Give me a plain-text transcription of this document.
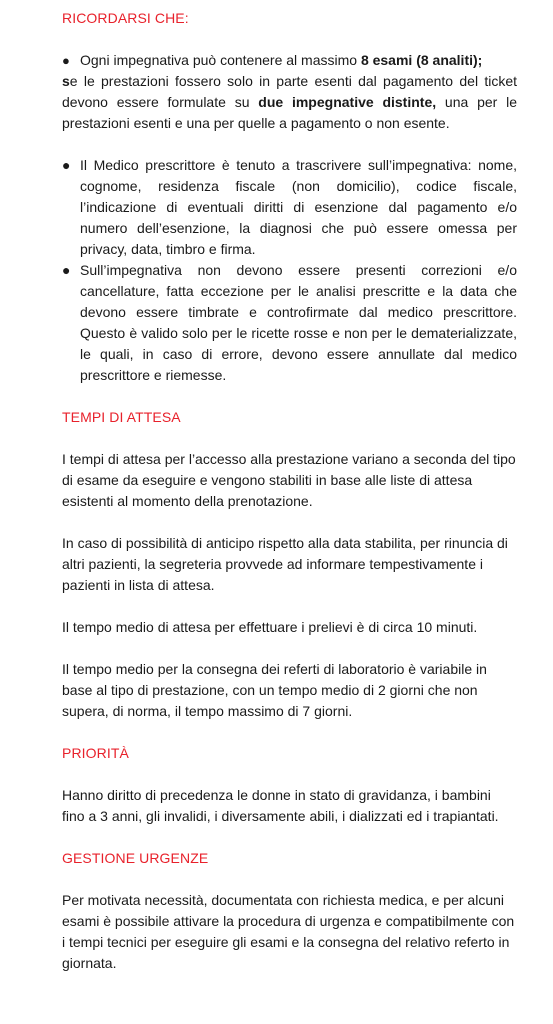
RICORDARSI CHE:
● Ogni impegnativa può contenere al massimo 8 esami (8 analiti);

se le prestazioni fossero solo in parte esenti dal pagamento del ticket devono essere formulate su due impegnative distinte, una per le prestazioni esenti e una per quelle a pagamento o non esente.

● Il Medico prescrittore è tenuto a trascrivere sull’impegnativa: nome, cognome, residenza fiscale (non domicilio), codice fiscale, l’indicazione di eventuali diritti di esenzione dal pagamento e/o numero dell’esenzione, la diagnosi che può essere omessa per privacy, data, timbro e firma.
● Sull’impegnativa non devono essere presenti correzioni e/o cancellature, fatta eccezione per le analisi prescritte e la data che devono essere timbrate e controfirmate dal medico prescrittore. Questo è valido solo per le ricette rosse e non per le dematerializzate, le quali, in caso di errore, devono essere annullate dal medico prescrittore e riemesse.
TEMPI DI ATTESA

I tempi di attesa per l’accesso alla prestazione variano a seconda del tipo di esame da eseguire e vengono stabiliti in base alle liste di attesa esistenti al momento della prenotazione.

In caso di possibilità di anticipo rispetto alla data stabilita, per rinuncia di altri pazienti, la segreteria provvede ad informare tempestivamente i pazienti in lista di attesa.

Il tempo medio di attesa per effettuare i prelievi è di circa 10 minuti.

Il tempo medio per la consegna dei referti di laboratorio è variabile in base al tipo di prestazione, con un tempo medio di 2 giorni che non supera, di norma, il tempo massimo di 7 giorni.

PRIORITÀ

Hanno diritto di precedenza le donne in stato di gravidanza, i bambini fino a 3 anni, gli invalidi, i diversamente abili, i dializzati ed i trapiantati.

GESTIONE URGENZE

Per motivata necessità, documentata con richiesta medica, e per alcuni esami è possibile attivare la procedura di urgenza e compatibilmente con i tempi tecnici per eseguire gli esami e la consegna del relativo referto in giornata.
